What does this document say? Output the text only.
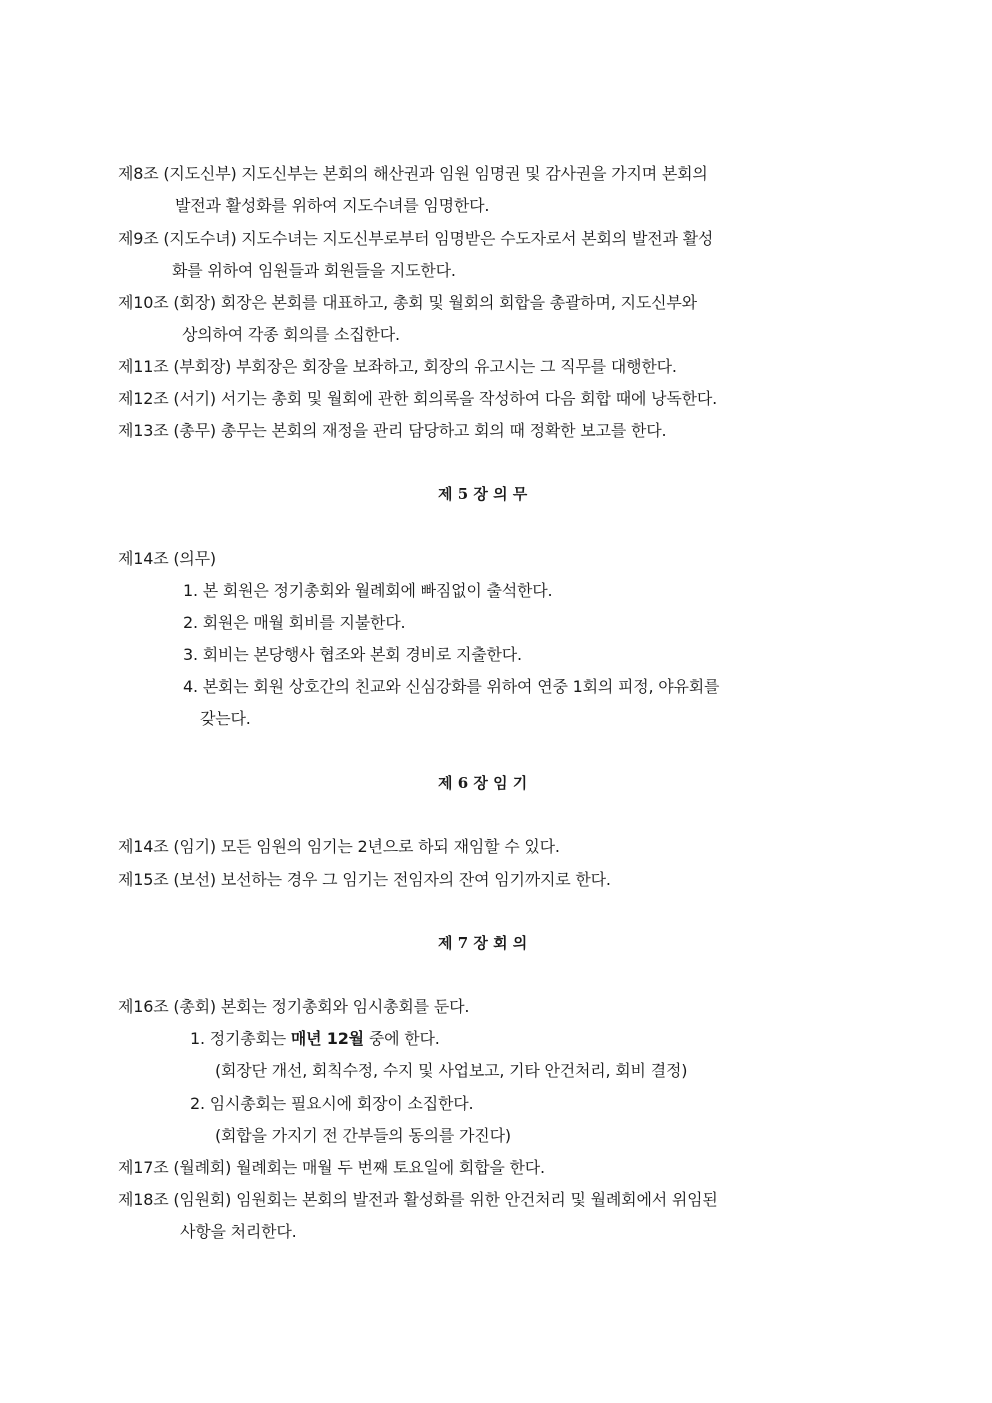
제8조 (지도신부) 지도신부는 본회의 해산권과 임원 임명권 및 감사권을 가지며 본회의
발전과 활성화를 위하여 지도수녀를 임명한다.
제9조 (지도수녀) 지도수녀는 지도신부로부터 임명받은 수도자로서 본회의 발전과 활성
화를 위하여 임원들과 회원들을 지도한다.
제10조 (회장) 회장은 본회를 대표하고, 총회 및 월회의 회합을 총괄하며, 지도신부와
상의하여 각종 회의를 소집한다.
제11조 (부회장) 부회장은 회장을 보좌하고, 회장의 유고시는 그 직무를 대행한다.
제12조 (서기) 서기는 총회 및 월회에 관한 회의록을 작성하여 다음 회합 때에 낭독한다.
제13조 (총무) 총무는 본회의 재정을 관리 담당하고 회의 때 정확한 보고를 한다.
제 5 장 의 무
제14조 (의무)
1. 본 회원은 정기총회와 월례회에 빠짐없이 출석한다.
2. 회원은 매월 회비를 지불한다.
3. 회비는 본당행사 협조와 본회 경비로 지출한다.
4. 본회는 회원 상호간의 친교와 신심강화를 위하여 연중 1회의 피정, 야유회를
갖는다.
제 6 장 임 기
제14조 (임기) 모든 임원의 임기는 2년으로 하되 재임할 수 있다.
제15조 (보선) 보선하는 경우 그 임기는 전임자의 잔여 임기까지로 한다.
제 7 장 회 의
제16조 (총회) 본회는 정기총회와 임시총회를 둔다.
1. 정기총회는 매년 12월 중에 한다.
(회장단 개선, 회칙수정, 수지 및 사업보고, 기타 안건처리, 회비 결정)
2. 임시총회는 필요시에 회장이 소집한다.
(회합을 가지기 전 간부들의 동의를 가진다)
제17조 (월례회) 월례회는 매월 두 번째 토요일에 회합을 한다.
제18조 (임원회) 임원회는 본회의 발전과 활성화를 위한 안건처리 및 월례회에서 위임된
사항을 처리한다.
